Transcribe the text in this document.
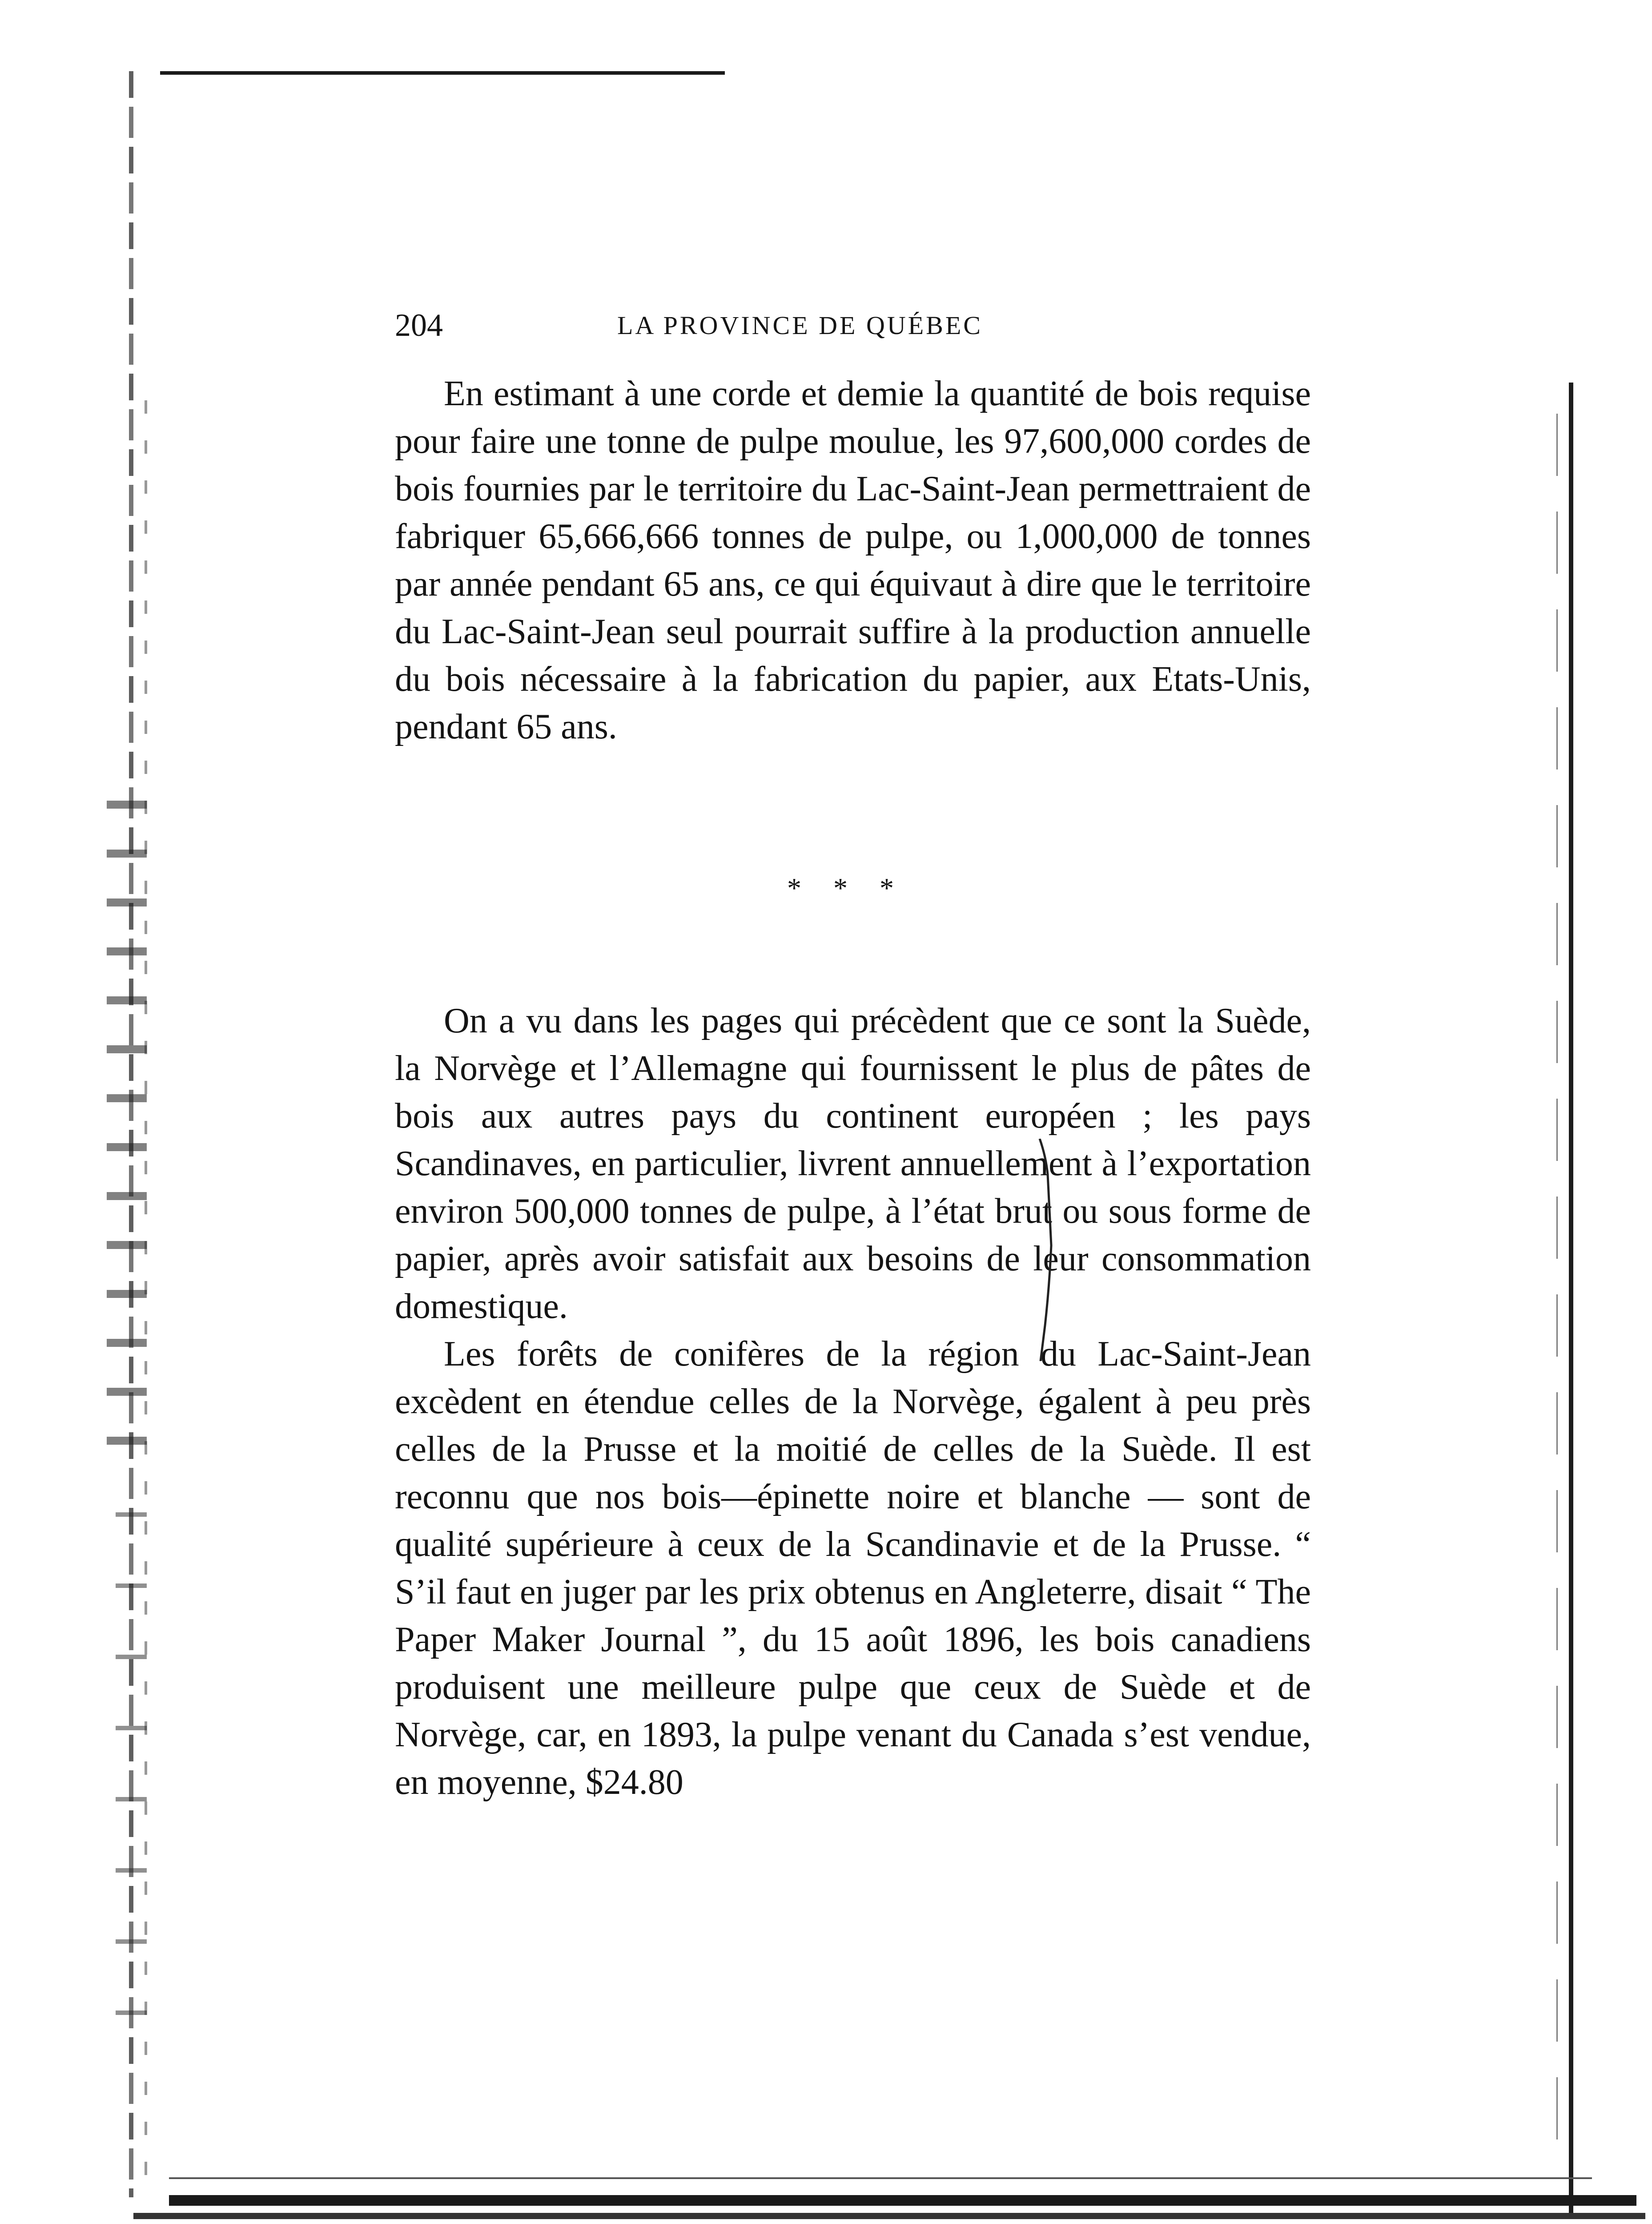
204	LA PROVINCE DE QUÉBEC

En estimant à une corde et demie la quantité de bois requise pour faire une tonne de pulpe moulue, les 97,600,000 cordes de bois fournies par le territoire du Lac-Saint-Jean permettraient de fabriquer 65,666,666 tonnes de pulpe, ou 1,000,000 de tonnes par année pendant 65 ans, ce qui équivaut à dire que le territoire du Lac-Saint-Jean seul pourrait suffire à la production annuelle du bois nécessaire à la fabrication du papier, aux Etats-Unis, pendant 65 ans.

* * *

On a vu dans les pages qui précèdent que ce sont la Suède, la Norvège et l’Allemagne qui fournissent le plus de pâtes de bois aux autres pays du continent européen ; les pays Scandinaves, en particulier, livrent annuellement à l’exportation environ 500,000 tonnes de pulpe, à l’état brut ou sous forme de papier, après avoir satisfait aux besoins de leur consommation domestique.

Les forêts de conifères de la région du Lac-Saint-Jean excèdent en étendue celles de la Norvège, égalent à peu près celles de la Prusse et la moitié de celles de la Suède. Il est reconnu que nos bois—épinette noire et blanche — sont de qualité supérieure à ceux de la Scandinavie et de la Prusse. “ S’il faut en juger par les prix obtenus en Angleterre, disait “ The Paper Maker Journal ”, du 15 août 1896, les bois canadiens produisent une meilleure pulpe que ceux de Suède et de Norvège, car, en 1893, la pulpe venant du Canada s’est vendue, en moyenne, $24.80
